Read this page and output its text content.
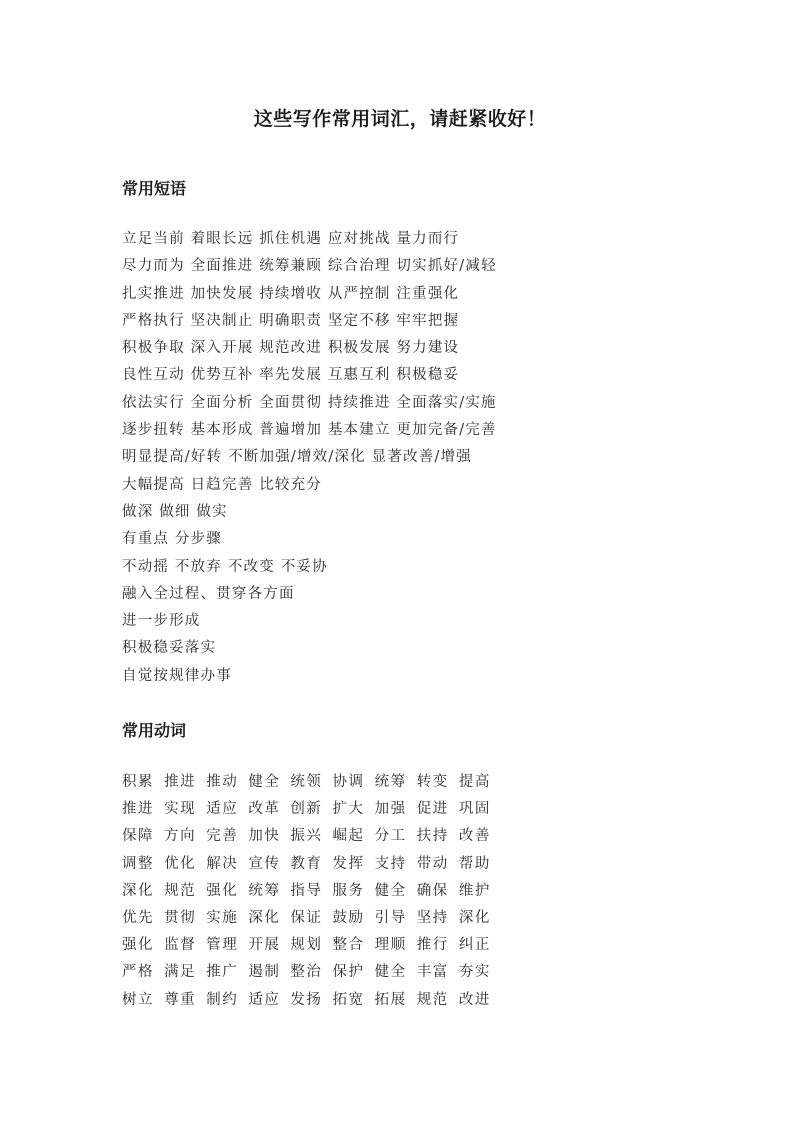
这些写作常用词汇，请赶紧收好！
常用短语
立足当前 着眼长远 抓住机遇 应对挑战 量力而行
尽力而为 全面推进 统筹兼顾 综合治理 切实抓好/减轻
扎实推进 加快发展 持续增收 从严控制 注重强化
严格执行 坚决制止 明确职责 坚定不移 牢牢把握
积极争取 深入开展 规范改进 积极发展 努力建设
良性互动 优势互补 率先发展 互惠互利 积极稳妥
依法实行 全面分析 全面贯彻 持续推进 全面落实/实施
逐步扭转 基本形成 普遍增加 基本建立 更加完备/完善
明显提高/好转 不断加强/增效/深化 显著改善/增强
大幅提高 日趋完善 比较充分
做深 做细 做实
有重点 分步骤
不动摇 不放弃 不改变 不妥协
融入全过程、贯穿各方面
进一步形成
积极稳妥落实
自觉按规律办事
常用动词
积累 推进 推动 健全 统领 协调 统筹 转变 提高
推进 实现 适应 改革 创新 扩大 加强 促进 巩固
保障 方向 完善 加快 振兴 崛起 分工 扶持 改善
调整 优化 解决 宣传 教育 发挥 支持 带动 帮助
深化 规范 强化 统筹 指导 服务 健全 确保 维护
优先 贯彻 实施 深化 保证 鼓励 引导 坚持 深化
强化 监督 管理 开展 规划 整合 理顺 推行 纠正
严格 满足 推广 遏制 整治 保护 健全 丰富 夯实
树立 尊重 制约 适应 发扬 拓宽 拓展 规范 改进
